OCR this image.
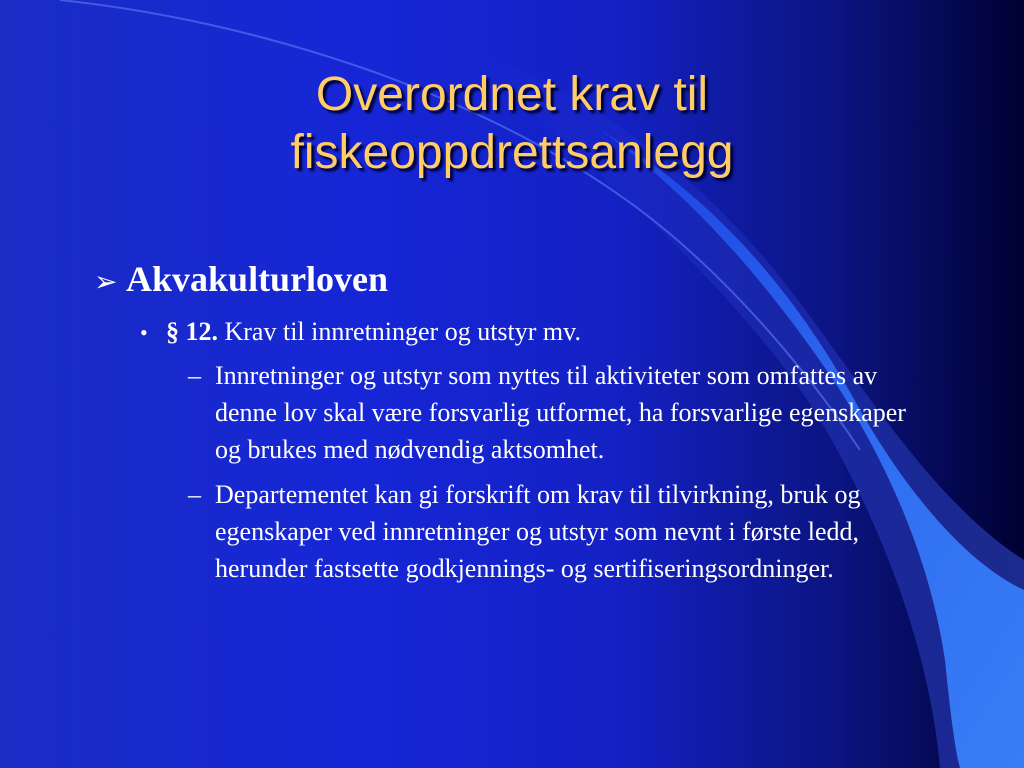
Overordnet krav til
fiskeoppdrettsanlegg
➢ Akvakulturloven
• § 12. Krav til innretninger og utstyr mv.
– Innretninger og utstyr som nyttes til aktiviteter som omfattes av denne lov skal være forsvarlig utformet, ha forsvarlige egenskaper og brukes med nødvendig aktsomhet.
– Departementet kan gi forskrift om krav til tilvirkning, bruk og egenskaper ved innretninger og utstyr som nevnt i første ledd, herunder fastsette godkjennings- og sertifiseringsordninger.
